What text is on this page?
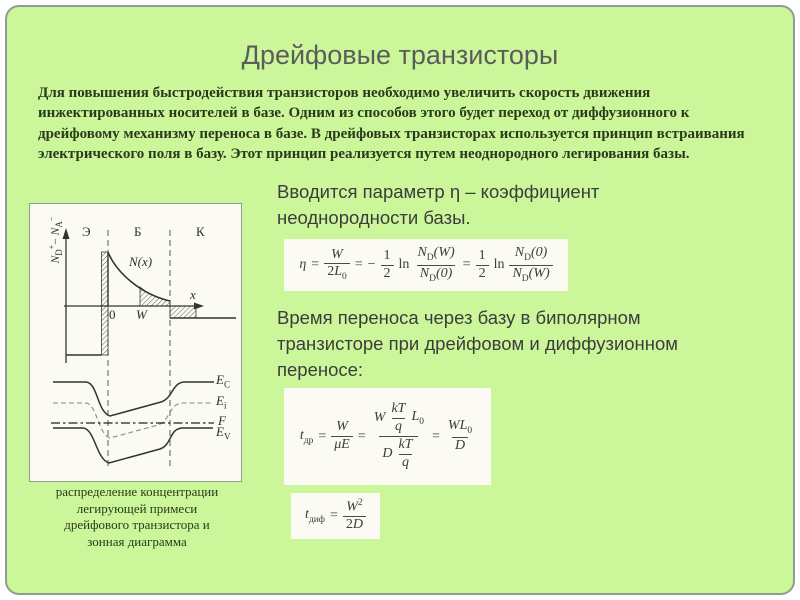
Дрейфовые транзисторы
Для повышения быстродействия транзисторов необходимо увеличить скорость движения
инжектированных носителей в базе. Одним из способов этого будет переход от диффузионного к
дрейфовому механизму переноса в базе. В дрейфовых транзисторах используется принцип встраивания
электрического поля в базу. Этот принцип реализуется путем неоднородного легирования базы.
$N_D^+- N_A^-$
Э	Б	К
N(x)
x
0 W
$E_C$
$E_i$
F
$E_V$
распределение концентрации
легирующей примеси
дрейфового транзистора и
зонная диаграмма
Вводится параметр η – коэффициент
неоднородности базы.
$\eta = \frac{W}{2L_0}$ = − $\frac{1}{2}$ $\ln \frac{N_D(W)}{N_D(0)} = \frac{1}{2}$ $\ln \frac{N_D(0)}{N_D(W)}$
Время переноса через базу в биполярном
транзисторе при дрейфовом и диффузионном
переносе:
$t_{др} = \frac{W}{\mu E} = \frac{W \frac{kT}{q} L_0}{D \frac{kT}{q}} = \frac{WL_0}{D}$
$t_{диф} = \frac{W^2}{2D}$
